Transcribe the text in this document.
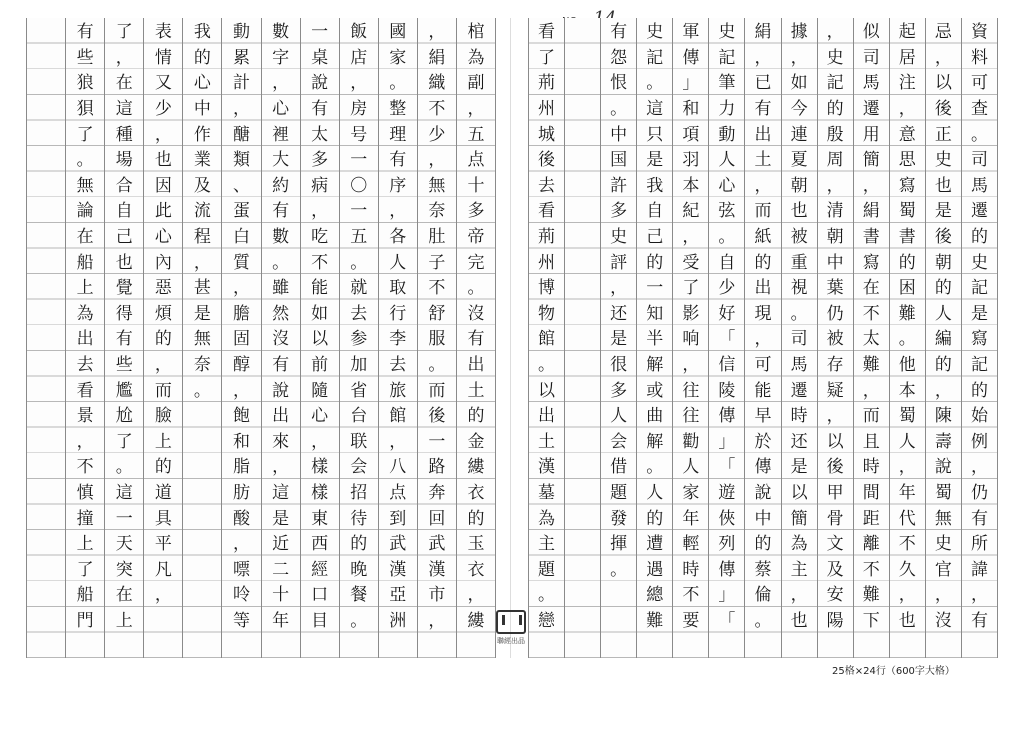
棺
為
副
，
五
点
十
多
帝
完
。
沒
有
出
土
的
金
縷
衣
的
玉
衣
，
縷
，
絹
織
不
少
，
無
奈
肚
子
不
舒
服
。
而
後
一
路
奔
回
武
漢
市
，
國
家
。
整
理
有
序
，
各
人
取
行
李
去
旅
館
，
八
点
到
武
漢
亞
洲
飯
店
，
房
号
一
〇
一
五
。
就
去
参
加
省
台
联
会
招
待
的
晚
餐
。
一
桌
說
有
太
多
病
，
吃
不
能
如
以
前
隨
心
，
樣
樣
東
西
經
口
目
數
字
，
心
裡
大
約
有
數
。
雖
然
沒
有
說
出
來
，
這
是
近
二
十
年
動
累
計
，
醣
類
、
蛋
白
質
，
膽
固
醇
，
飽
和
脂
肪
酸
，
嘌
呤
等
我
的
心
中
作
業
及
流
程
，
甚
是
無
奈
。
表
情
又
少
，
也
因
此
心
內
惡
煩
的
，
而
臉
上
的
道
具
平
凡
，
了
，
在
這
種
場
合
自
己
也
覺
得
有
些
尷
尬
了
。
這
一
天
突
在
上
有
些
狼
狽
了
。
無
論
在
船
上
為
出
去
看
景
，
不
慎
撞
上
了
船
門
資
料
可
查
。
司
馬
遷
的
史
記
是
寫
記
的
始
例
，
仍
有
所
諱
，
有
忌
，
以
後
正
史
也
是
後
朝
的
人
編
的
，
陳
壽
說
蜀
無
史
官
，
沒
起
居
注
，
意
思
寫
蜀
書
的
困
難
。
他
本
蜀
人
，
年
代
不
久
，
也
似
司
馬
遷
用
簡
，
絹
書
寫
在
不
太
難
，
而
且
時
間
距
離
不
難
下
，
史
記
的
殷
周
，
清
朝
中
葉
仍
被
存
疑
，
以
後
甲
骨
文
及
安
陽
據
，
如
今
連
夏
朝
也
被
重
視
。
司
馬
遷
時
还
是
以
簡
為
主
，
也
絹
，
已
有
出
土
，
而
紙
的
出
現
，
可
能
早
於
傳
說
中
的
蔡
倫
。
史
記
筆
力
動
人
心
弦
。
自
少
好
「
信
陵
傳
」
「
遊
俠
列
傳
」
「
軍
傳
」
和
項
羽
本
紀
，
受
了
影
响
，
往
往
勸
人
家
年
輕
時
不
要
史
記
。
這
只
是
我
自
己
的
一
知
半
解
或
曲
解
。
人
的
遭
遇
總
難
有
怨
恨
。
中
国
許
多
史
評
，
还
是
很
多
人
会
借
題
發
揮
。
看
了
荊
州
城
後
去
看
荊
州
博
物
館
。
以
出
土
漢
墓
為
主
題
。
戀
聯經出品
25格×24行（600字大格）
